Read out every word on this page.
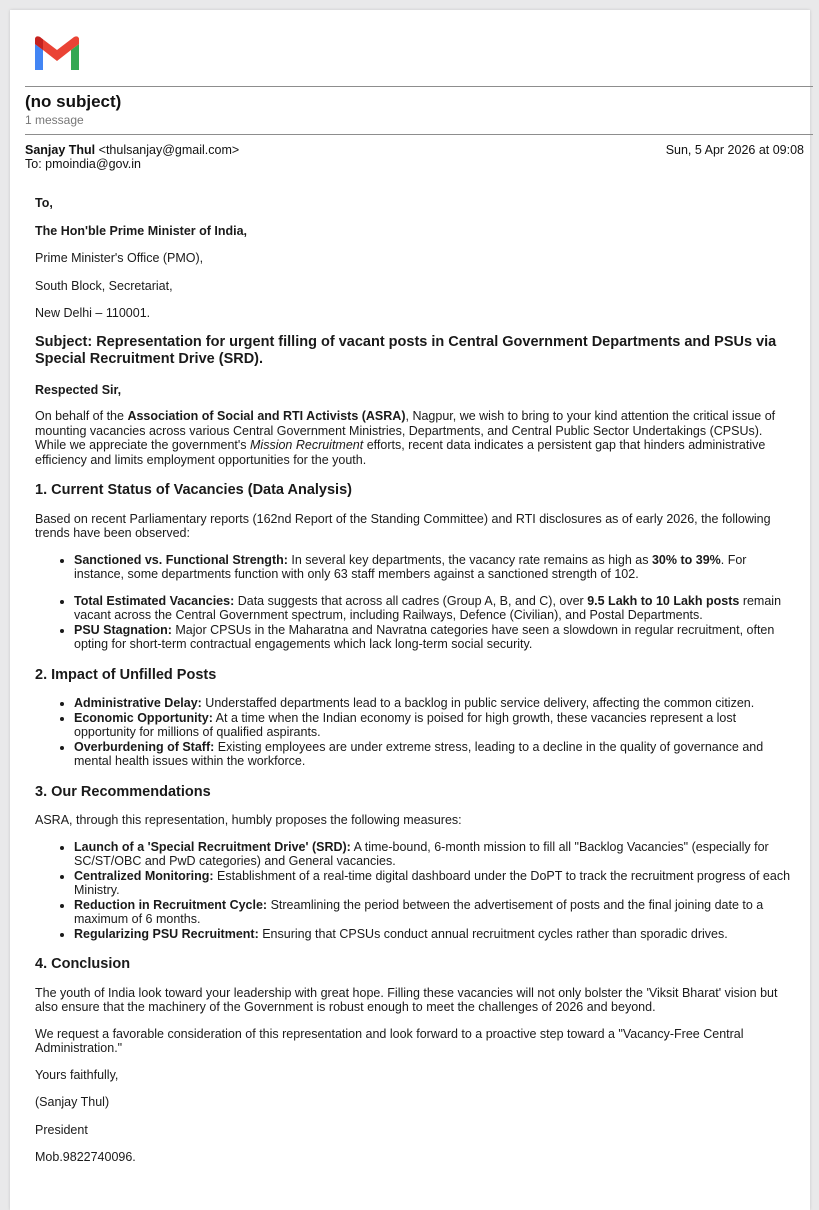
(no subject)
1 message
Sanjay Thul <thulsanjay@gmail.com>
To: pmoindia@gov.in
Sun, 5 Apr 2026 at 09:08

To,

The Hon'ble Prime Minister of India,

Prime Minister's Office (PMO),

South Block, Secretariat,

New Delhi – 110001.

Subject: Representation for urgent filling of vacant posts in Central Government Departments and PSUs via Special Recruitment Drive (SRD).

Respected Sir,

On behalf of the Association of Social and RTI Activists (ASRA), Nagpur, we wish to bring to your kind attention the critical issue of mounting vacancies across various Central Government Ministries, Departments, and Central Public Sector Undertakings (CPSUs). While we appreciate the government's Mission Recruitment efforts, recent data indicates a persistent gap that hinders administrative efficiency and limits employment opportunities for the youth.

1. Current Status of Vacancies (Data Analysis)

Based on recent Parliamentary reports (162nd Report of the Standing Committee) and RTI disclosures as of early 2026, the following trends have been observed:

• Sanctioned vs. Functional Strength: In several key departments, the vacancy rate remains as high as 30% to 39%. For instance, some departments function with only 63 staff members against a sanctioned strength of 102.
• Total Estimated Vacancies: Data suggests that across all cadres (Group A, B, and C), over 9.5 Lakh to 10 Lakh posts remain vacant across the Central Government spectrum, including Railways, Defence (Civilian), and Postal Departments.
• PSU Stagnation: Major CPSUs in the Maharatna and Navratna categories have seen a slowdown in regular recruitment, often opting for short-term contractual engagements which lack long-term social security.

2. Impact of Unfilled Posts

• Administrative Delay: Understaffed departments lead to a backlog in public service delivery, affecting the common citizen.
• Economic Opportunity: At a time when the Indian economy is poised for high growth, these vacancies represent a lost opportunity for millions of qualified aspirants.
• Overburdening of Staff: Existing employees are under extreme stress, leading to a decline in the quality of governance and mental health issues within the workforce.

3. Our Recommendations

ASRA, through this representation, humbly proposes the following measures:

• Launch of a 'Special Recruitment Drive' (SRD): A time-bound, 6-month mission to fill all "Backlog Vacancies" (especially for SC/ST/OBC and PwD categories) and General vacancies.
• Centralized Monitoring: Establishment of a real-time digital dashboard under the DoPT to track the recruitment progress of each Ministry.
• Reduction in Recruitment Cycle: Streamlining the period between the advertisement of posts and the final joining date to a maximum of 6 months.
• Regularizing PSU Recruitment: Ensuring that CPSUs conduct annual recruitment cycles rather than sporadic drives.

4. Conclusion

The youth of India look toward your leadership with great hope. Filling these vacancies will not only bolster the 'Viksit Bharat' vision but also ensure that the machinery of the Government is robust enough to meet the challenges of 2026 and beyond.

We request a favorable consideration of this representation and look forward to a proactive step toward a "Vacancy-Free Central Administration."

Yours faithfully,

(Sanjay Thul)

President

Mob.9822740096.
